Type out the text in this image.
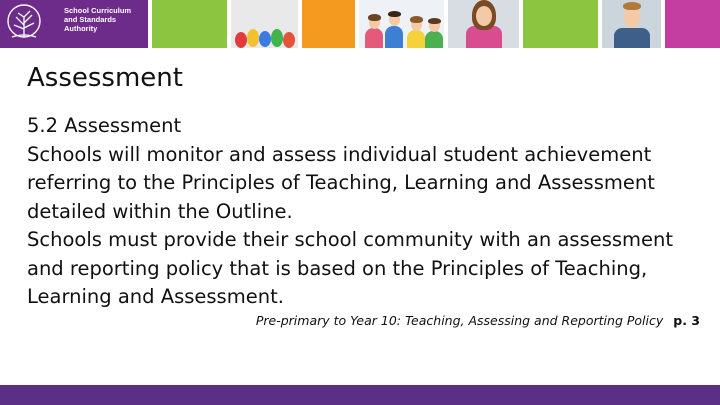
School Curriculum
and Standards
Authority
Assessment

5.2 Assessment

Schools will monitor and assess individual student achievement referring to the Principles of Teaching, Learning and Assessment detailed within the Outline.

Schools must provide their school community with an assessment and reporting policy that is based on the Principles of Teaching, Learning and Assessment.

Pre-primary to Year 10: Teaching, Assessing and Reporting Policy p. 3
